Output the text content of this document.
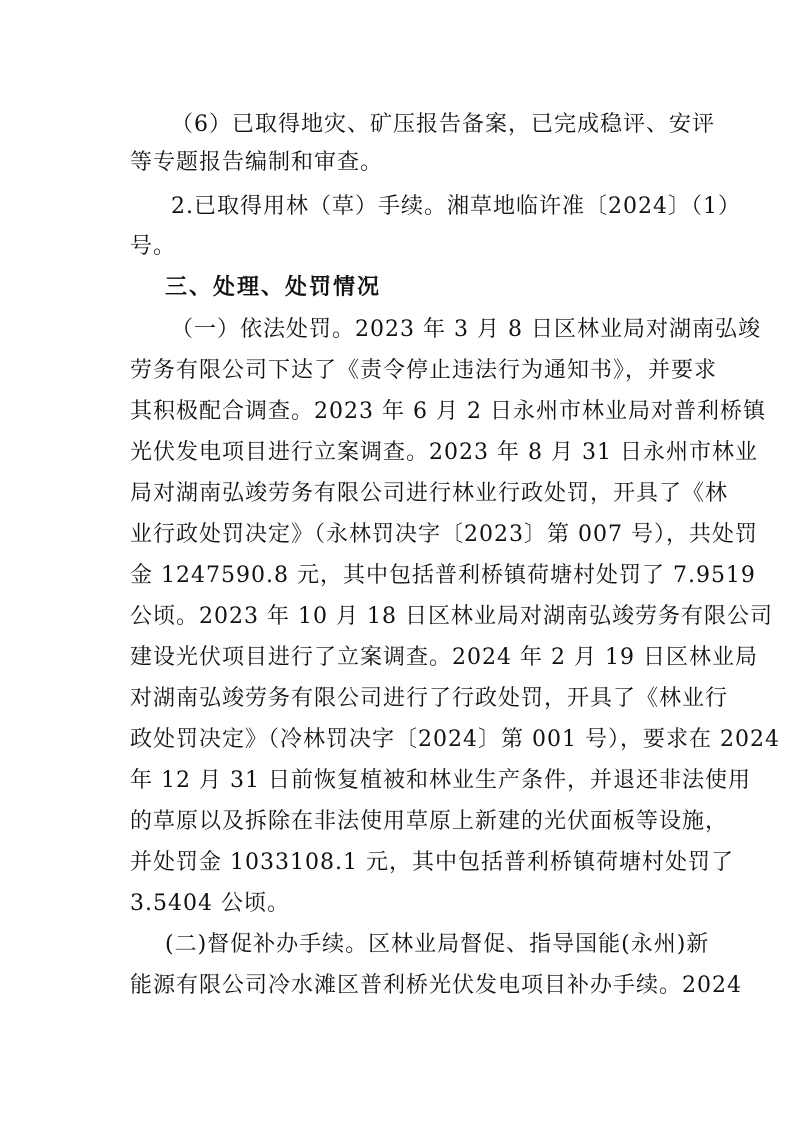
（6）已取得地灾、矿压报告备案，已完成稳评、安评
等专题报告编制和审查。
2.已取得用林（草）手续。湘草地临许准〔2024〕（1）
号。
三、处理、处罚情况
（一）依法处罚。2023 年 3 月 8 日区林业局对湖南弘竣
劳务有限公司下达了《责令停止违法行为通知书》，并要求
其积极配合调查。2023 年 6 月 2 日永州市林业局对普利桥镇
光伏发电项目进行立案调查。2023 年 8 月 31 日永州市林业
局对湖南弘竣劳务有限公司进行林业行政处罚，开具了《林
业行政处罚决定》（永林罚决字〔2023〕第 007 号），共处罚
金 1247590.8 元，其中包括普利桥镇荷塘村处罚了 7.9519
公顷。2023 年 10 月 18 日区林业局对湖南弘竣劳务有限公司
建设光伏项目进行了立案调查。2024 年 2 月 19 日区林业局
对湖南弘竣劳务有限公司进行了行政处罚，开具了《林业行
政处罚决定》（冷林罚决字〔2024〕第 001 号），要求在 2024
年 12 月 31 日前恢复植被和林业生产条件，并退还非法使用
的草原以及拆除在非法使用草原上新建的光伏面板等设施，
并处罚金 1033108.1 元，其中包括普利桥镇荷塘村处罚了
3.5404 公顷。
(二)督促补办手续。区林业局督促、指导国能(永州)新
能源有限公司冷水滩区普利桥光伏发电项目补办手续。2024
